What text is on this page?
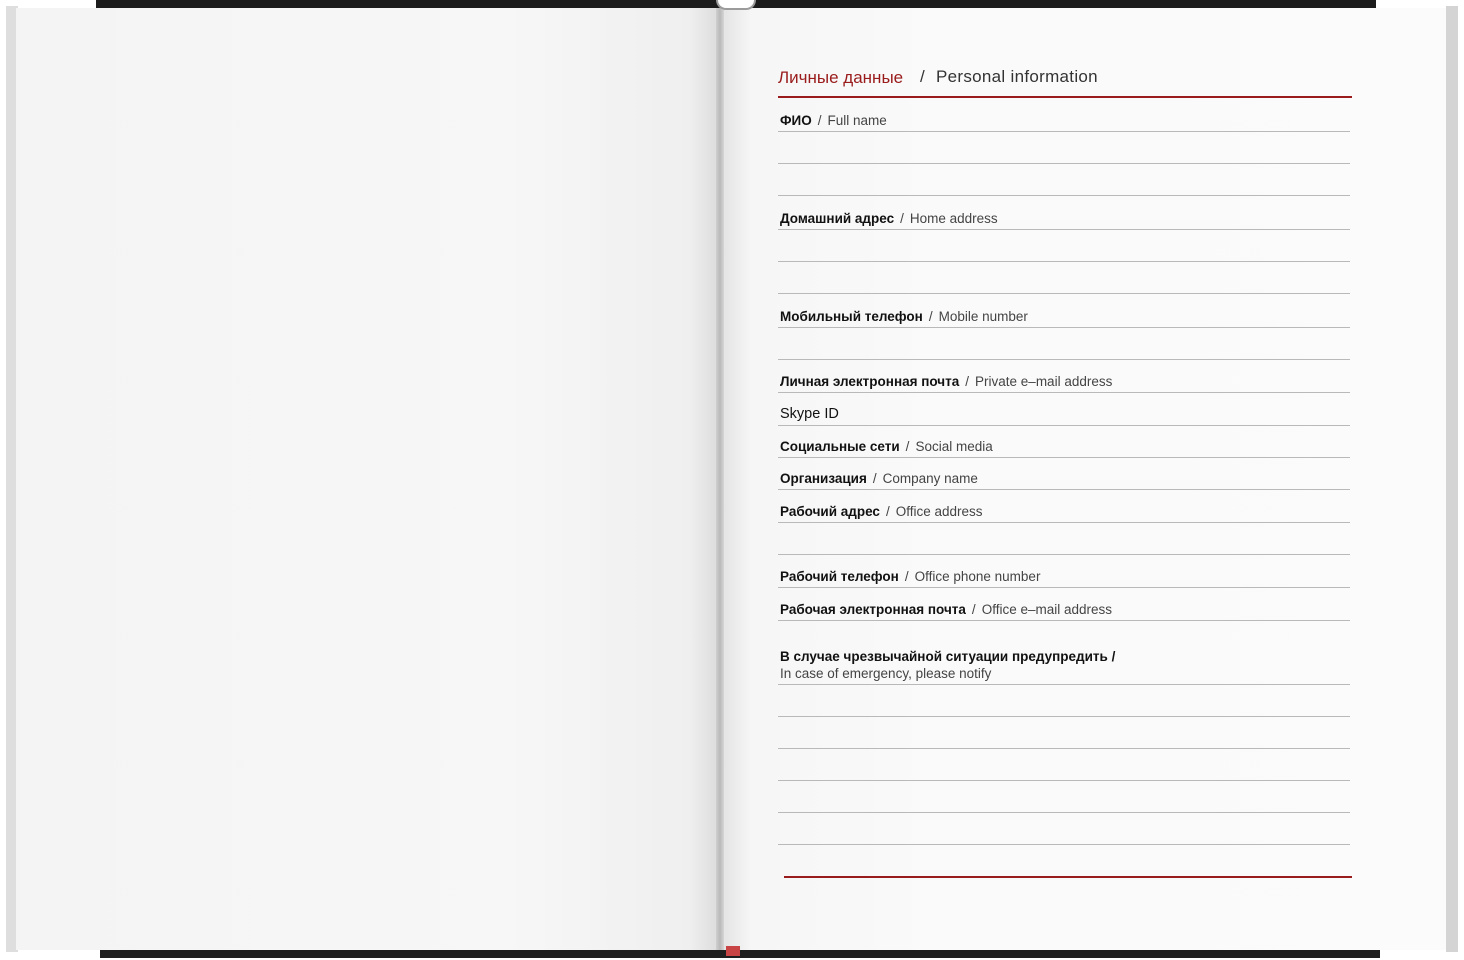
Личные данные / Personal information
ФИО / Full name
Домашний адрес / Home address
Мобильный телефон / Mobile number
Личная электронная почта / Private e–mail address
Skype ID
Социальные сети / Social media
Организация / Company name
Рабочий адрес / Office address
Рабочий телефон / Office phone number
Рабочая электронная почта / Office e–mail address
В случае чрезвычайной ситуации предупредить /
In case of emergency, please notify
